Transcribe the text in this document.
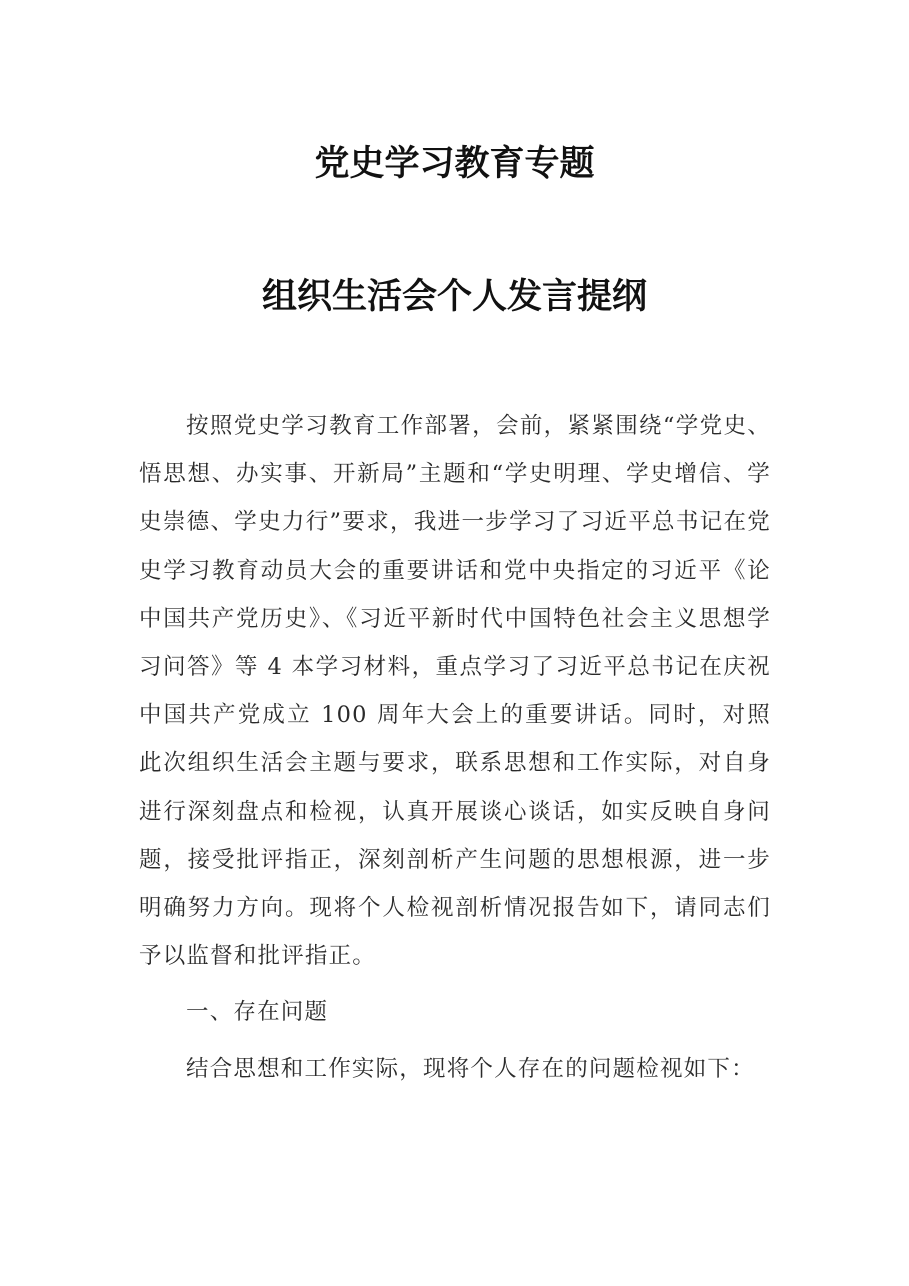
党史学习教育专题
组织生活会个人发言提纲

按照党史学习教育工作部署，会前，紧紧围绕“学党史、悟思想、办实事、开新局”主题和“学史明理、学史增信、学史崇德、学史力行”要求，我进一步学习了习近平总书记在党史学习教育动员大会的重要讲话和党中央指定的习近平《论中国共产党历史》、《习近平新时代中国特色社会主义思想学习问答》等 4 本学习材料，重点学习了习近平总书记在庆祝中国共产党成立 100 周年大会上的重要讲话。同时，对照此次组织生活会主题与要求，联系思想和工作实际，对自身进行深刻盘点和检视，认真开展谈心谈话，如实反映自身问题，接受批评指正，深刻剖析产生问题的思想根源，进一步明确努力方向。现将个人检视剖析情况报告如下，请同志们予以监督和批评指正。

一、存在问题

结合思想和工作实际，现将个人存在的问题检视如下：
